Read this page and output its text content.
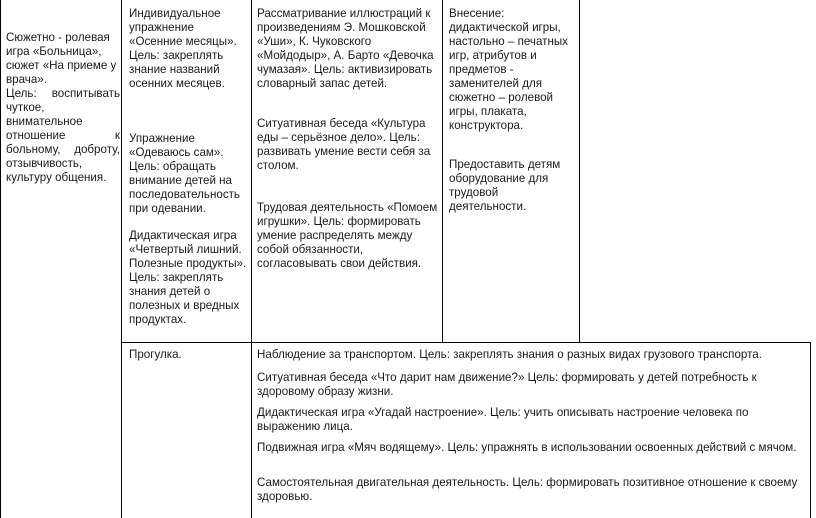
Сюжетно - ролевая игра «Больница», сюжет «На приеме у врача».

Цель: воспитывать чуткое, внимательное отношение к больному, доброту, отзывчивость, культуру общения.

Индивидуальное упражнение «Осенние месяцы». Цель: закреплять знание названий осенних месяцев.

Упражнение «Одеваюсь сам». Цель: обращать внимание детей на последовательность при одевании.

Дидактическая игра «Четвертый лишний. Полезные продукты». Цель: закреплять знания детей о полезных и вредных продуктах.

Рассматривание иллюстраций к произведениям Э. Мошковской «Уши», К. Чуковского «Мойдодыр», А. Барто «Девочка чумазая». Цель: активизировать словарный запас детей.

Ситуативная беседа «Культура еды – серьёзное дело». Цель: развивать умение вести себя за столом.

Трудовая деятельность «Помоем игрушки». Цель: формировать умение распределять между собой обязанности, согласовывать свои действия.

Внесение: дидактической игры, настольно – печатных игр, атрибутов и предметов - заменителей для сюжетно – ролевой игры, плаката, конструктора.

Предоставить детям оборудование для трудовой деятельности.

Прогулка.	Наблюдение за транспортом. Цель: закреплять знания о разных видах грузового транспорта.

Ситуативная беседа «Что дарит нам движение?» Цель: формировать у детей потребность к здоровому образу жизни.

Дидактическая игра «Угадай настроение». Цель: учить описывать настроение человека по выражению лица.

Подвижная игра «Мяч водящему». Цель: упражнять в использовании освоенных действий с мячом.

Самостоятельная двигательная деятельность. Цель: формировать позитивное отношение к своему здоровью.
